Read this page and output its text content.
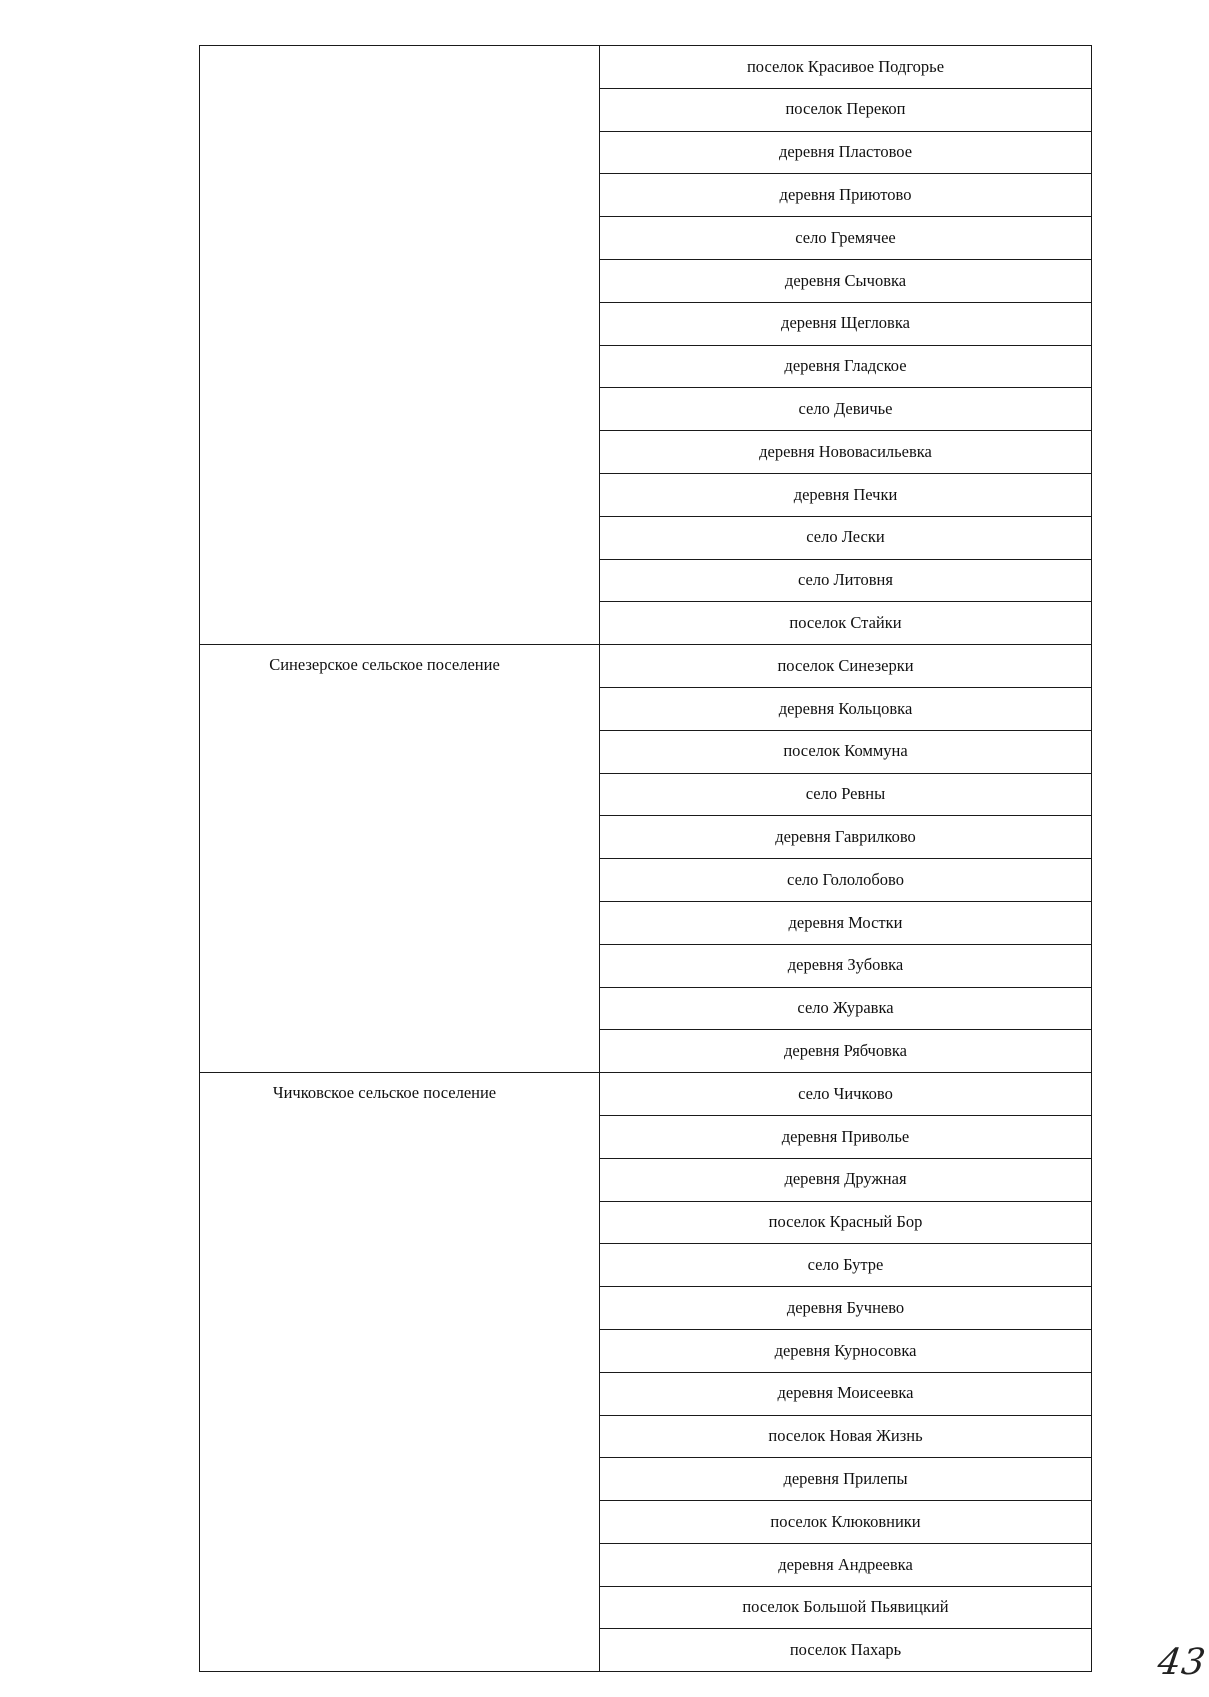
	поселок Красивое Подгорье
	поселок Перекоп
	деревня Пластовое
	деревня Приютово
	село Гремячее
	деревня Сычовка
	деревня Щегловка
	деревня Гладское
	село Девичье
	деревня Нововасильевка
	деревня Печки
	село Лески
	село Литовня
	поселок Стайки
Синезерское сельское поселение	поселок Синезерки
	деревня Кольцовка
	поселок Коммуна
	село Ревны
	деревня Гаврилково
	село Гололобово
	деревня Мостки
	деревня Зубовка
	село Журавка
	деревня Рябчовка
Чичковское сельское поселение	село Чичково
	деревня Приволье
	деревня Дружная
	поселок Красный Бор
	село Бутре
	деревня Бучнево
	деревня Курносовка
	деревня Моисеевка
	поселок Новая Жизнь
	деревня Прилепы
	поселок Клюковники
	деревня Андреевка
	поселок Большой Пьявицкий
	поселок Пахарь	43
